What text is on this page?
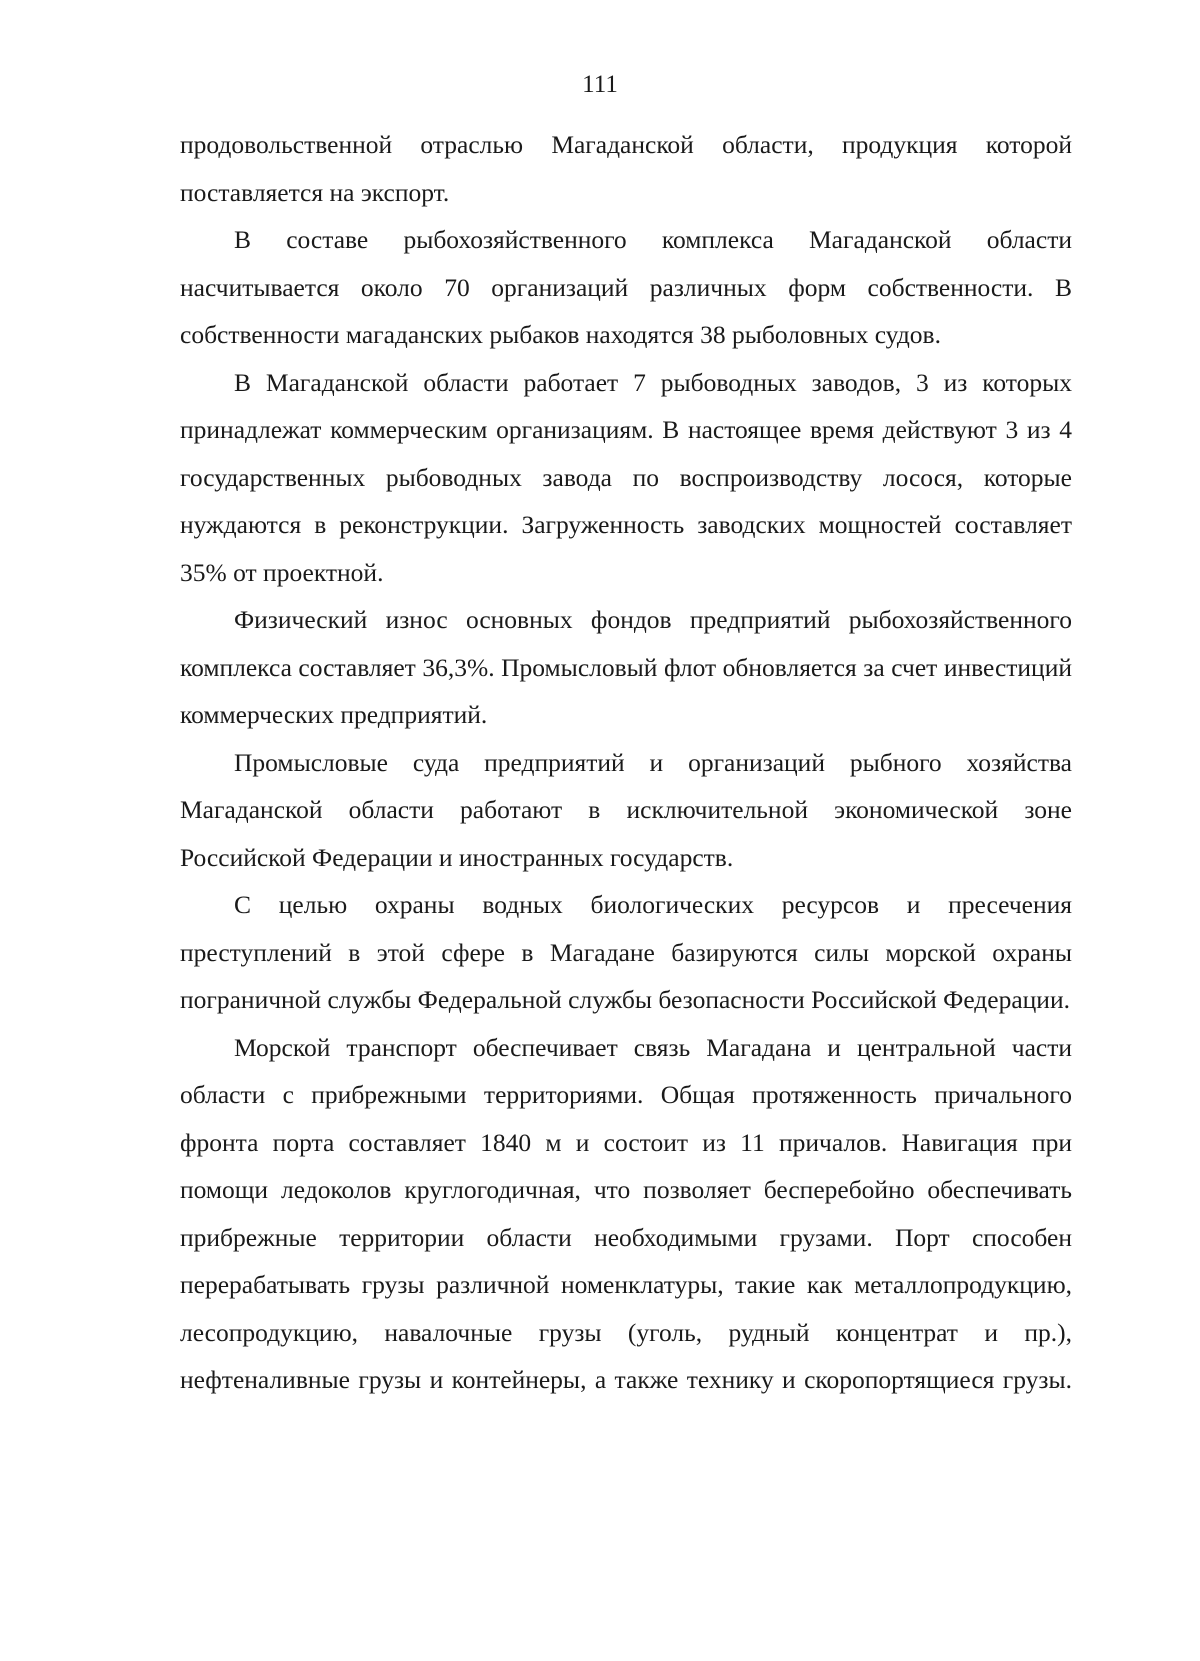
111

продовольственной отраслью Магаданской области, продукция которой поставляется на экспорт.

В составе рыбохозяйственного комплекса Магаданской области насчитывается около 70 организаций различных форм собственности. В собственности магаданских рыбаков находятся 38 рыболовных судов.

В Магаданской области работает 7 рыбоводных заводов, 3 из которых принадлежат коммерческим организациям. В настоящее время действуют 3 из 4 государственных рыбоводных завода по воспроизводству лосося, которые нуждаются в реконструкции. Загруженность заводских мощностей составляет 35% от проектной.

Физический износ основных фондов предприятий рыбохозяйственного комплекса составляет 36,3%. Промысловый флот обновляется за счет инвестиций коммерческих предприятий.

Промысловые суда предприятий и организаций рыбного хозяйства Магаданской области работают в исключительной экономической зоне Российской Федерации и иностранных государств.

С целью охраны водных биологических ресурсов и пресечения преступлений в этой сфере в Магадане базируются силы морской охраны пограничной службы Федеральной службы безопасности Российской Федерации.

Морской транспорт обеспечивает связь Магадана и центральной части области с прибрежными территориями. Общая протяженность причального фронта порта составляет 1840 м и состоит из 11 причалов. Навигация при помощи ледоколов круглогодичная, что позволяет бесперебойно обеспечивать прибрежные территории области необходимыми грузами. Порт способен перерабатывать грузы различной номенклатуры, такие как металлопродукцию, лесопродукцию, навалочные грузы (уголь, рудный концентрат и пр.), нефтеналивные грузы и контейнеры, а также технику и скоропортящиеся грузы.
